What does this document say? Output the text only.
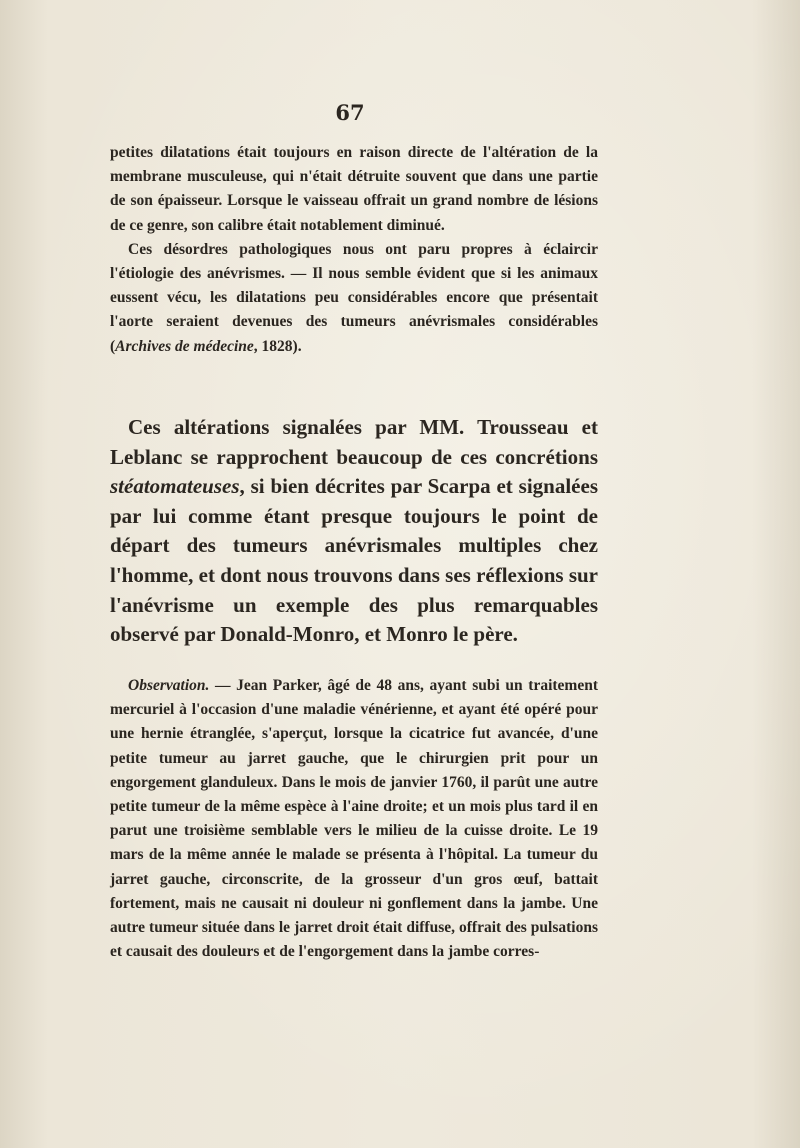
67

petites dilatations était toujours en raison directe de l'altération de la membrane musculeuse, qui n'était détruite souvent que dans une partie de son épaisseur. Lorsque le vaisseau offrait un grand nombre de lésions de ce genre, son calibre était notablement diminué.

Ces désordres pathologiques nous ont paru propres à éclaircir l'étiologie des anévrismes. — Il nous semble évident que si les animaux eussent vécu, les dilatations peu considérables encore que présentait l'aorte seraient devenues des tumeurs anévrismales considérables (Archives de médecine, 1828).

Ces altérations signalées par MM. Trousseau et Leblanc se rapprochent beaucoup de ces concrétions stéatomateuses, si bien décrites par Scarpa et signalées par lui comme étant presque toujours le point de départ des tumeurs anévrismales multiples chez l'homme, et dont nous trouvons dans ses réflexions sur l'anévrisme un exemple des plus remarquables observé par Donald-Monro, et Monro le père.

Observation. — Jean Parker, âgé de 48 ans, ayant subi un traitement mercuriel à l'occasion d'une maladie vénérienne, et ayant été opéré pour une hernie étranglée, s'aperçut, lorsque la cicatrice fut avancée, d'une petite tumeur au jarret gauche, que le chirurgien prit pour un engorgement glanduleux. Dans le mois de janvier 1760, il parût une autre petite tumeur de la même espèce à l'aine droite; et un mois plus tard il en parut une troisième semblable vers le milieu de la cuisse droite. Le 19 mars de la même année le malade se présenta à l'hôpital. La tumeur du jarret gauche, circonscrite, de la grosseur d'un gros œuf, battait fortement, mais ne causait ni douleur ni gonflement dans la jambe. Une autre tumeur située dans le jarret droit était diffuse, offrait des pulsations et causait des douleurs et de l'engorgement dans la jambe corres-
